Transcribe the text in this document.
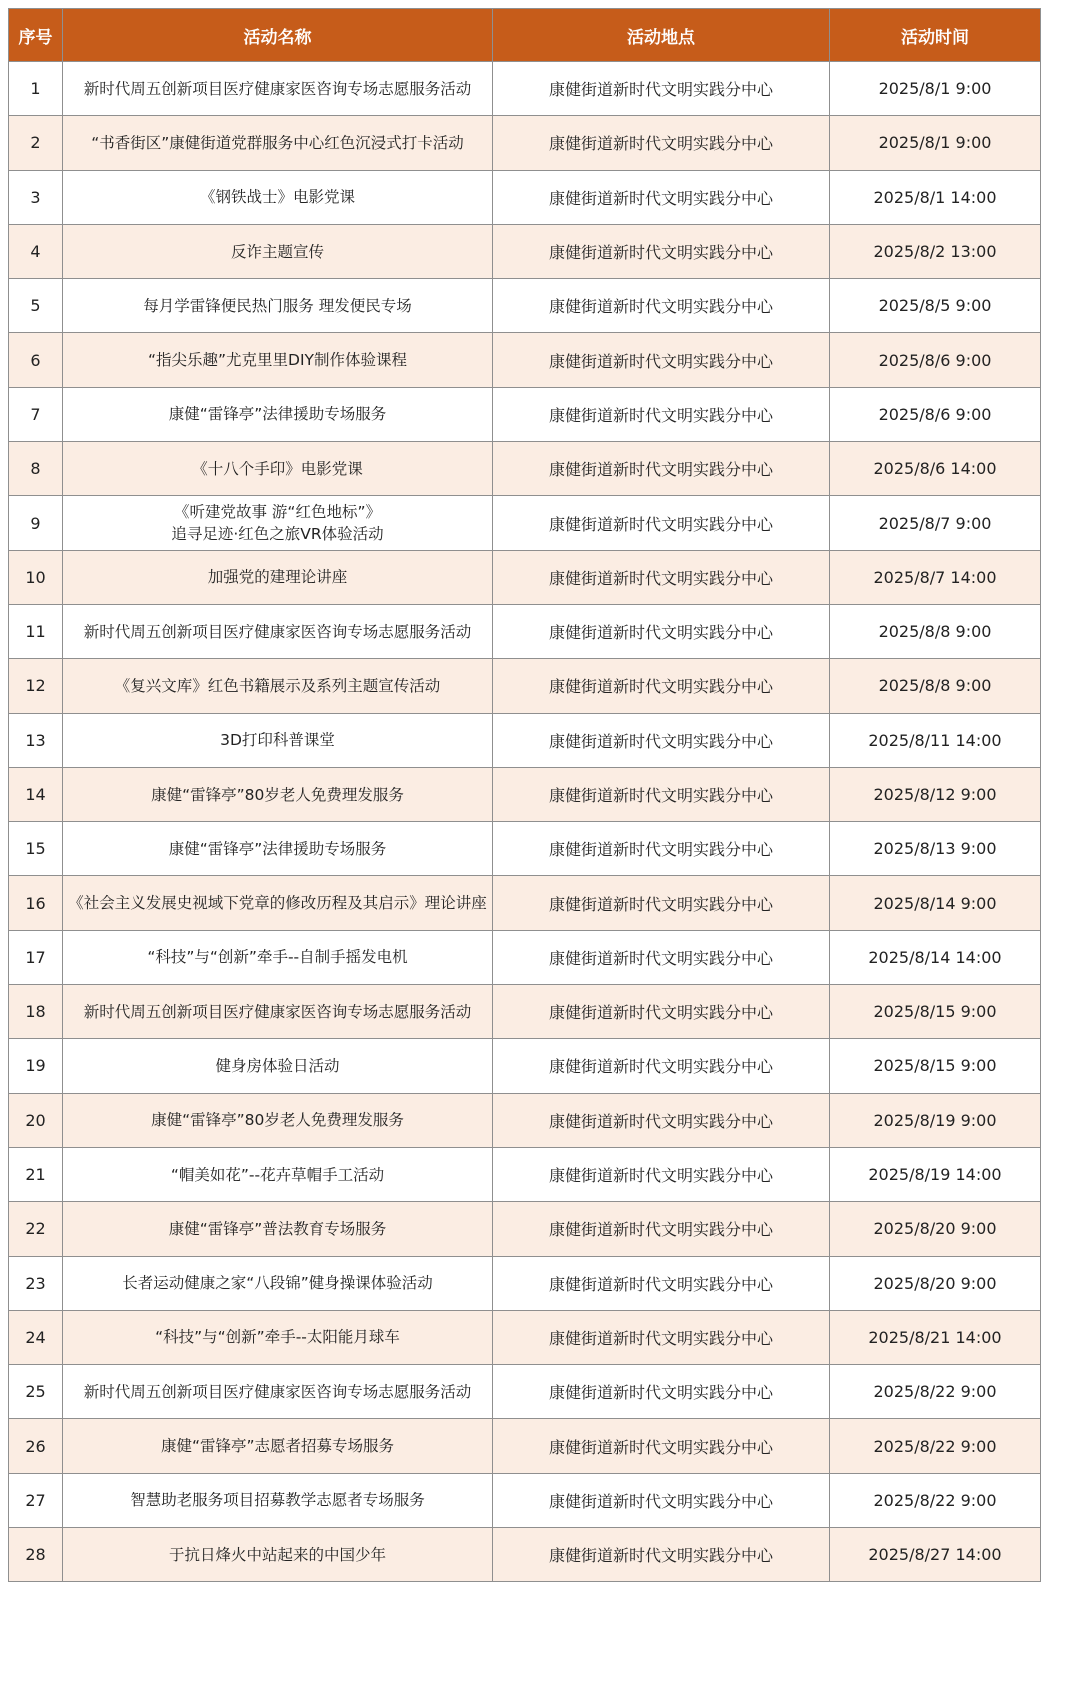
序号	活动名称	活动地点	活动时间
1	新时代周五创新项目医疗健康家医咨询专场志愿服务活动	康健街道新时代文明实践分中心	2025/8/1 9:00
2	“书香街区”康健街道党群服务中心红色沉浸式打卡活动	康健街道新时代文明实践分中心	2025/8/1 9:00
3	《钢铁战士》电影党课	康健街道新时代文明实践分中心	2025/8/1 14:00
4	反诈主题宣传	康健街道新时代文明实践分中心	2025/8/2 13:00
5	每月学雷锋便民热门服务 理发便民专场	康健街道新时代文明实践分中心	2025/8/5 9:00
6	“指尖乐趣”尤克里里DIY制作体验课程	康健街道新时代文明实践分中心	2025/8/6 9:00
7	康健“雷锋亭”法律援助专场服务	康健街道新时代文明实践分中心	2025/8/6 9:00
8	《十八个手印》电影党课	康健街道新时代文明实践分中心	2025/8/6 14:00
9	《听建党故事 游“红色地标”》
追寻足迹·红色之旅VR体验活动	康健街道新时代文明实践分中心	2025/8/7 9:00
10	加强党的建理论讲座	康健街道新时代文明实践分中心	2025/8/7 14:00
11	新时代周五创新项目医疗健康家医咨询专场志愿服务活动	康健街道新时代文明实践分中心	2025/8/8 9:00
12	《复兴文库》红色书籍展示及系列主题宣传活动	康健街道新时代文明实践分中心	2025/8/8 9:00
13	3D打印科普课堂	康健街道新时代文明实践分中心	2025/8/11 14:00
14	康健“雷锋亭”80岁老人免费理发服务	康健街道新时代文明实践分中心	2025/8/12 9:00
15	康健“雷锋亭”法律援助专场服务	康健街道新时代文明实践分中心	2025/8/13 9:00
16	《社会主义发展史视域下党章的修改历程及其启示》理论讲座	康健街道新时代文明实践分中心	2025/8/14 9:00
17	“科技”与“创新”牵手--自制手摇发电机	康健街道新时代文明实践分中心	2025/8/14 14:00
18	新时代周五创新项目医疗健康家医咨询专场志愿服务活动	康健街道新时代文明实践分中心	2025/8/15 9:00
19	健身房体验日活动	康健街道新时代文明实践分中心	2025/8/15 9:00
20	康健“雷锋亭”80岁老人免费理发服务	康健街道新时代文明实践分中心	2025/8/19 9:00
21	“帽美如花”--花卉草帽手工活动	康健街道新时代文明实践分中心	2025/8/19 14:00
22	康健“雷锋亭”普法教育专场服务	康健街道新时代文明实践分中心	2025/8/20 9:00
23	长者运动健康之家“八段锦”健身操课体验活动	康健街道新时代文明实践分中心	2025/8/20 9:00
24	“科技”与“创新”牵手--太阳能月球车	康健街道新时代文明实践分中心	2025/8/21 14:00
25	新时代周五创新项目医疗健康家医咨询专场志愿服务活动	康健街道新时代文明实践分中心	2025/8/22 9:00
26	康健“雷锋亭”志愿者招募专场服务	康健街道新时代文明实践分中心	2025/8/22 9:00
27	智慧助老服务项目招募教学志愿者专场服务	康健街道新时代文明实践分中心	2025/8/22 9:00
28	于抗日烽火中站起来的中国少年	康健街道新时代文明实践分中心	2025/8/27 14:00
